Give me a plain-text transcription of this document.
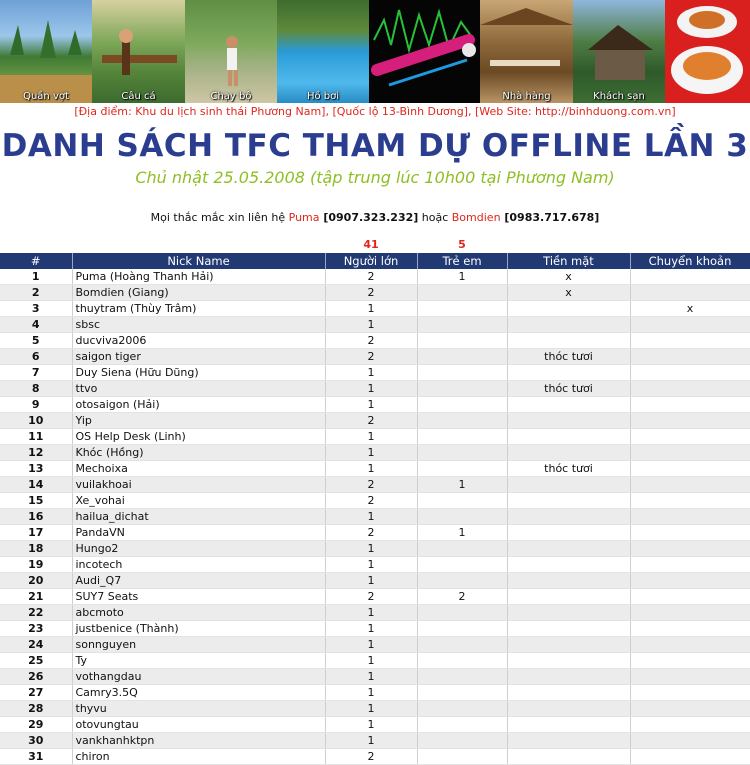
Quần vợt	Câu cá	Chạy bộ	Hồ bơi	Nhà hàng	Khách sạn
[Địa điểm: Khu du lịch sinh thái Phương Nam], [Quốc lộ 13-Bình Dương], [Web Site: http://binhduong.com.vn]
DANH SÁCH TFC THAM DỰ OFFLINE LẦN 3
Chủ nhật 25.05.2008 (tập trung lúc 10h00 tại Phương Nam)
Mọi thắc mắc xin liên hệ Puma [0907.323.232] hoặc Bomdien [0983.717.678]
41	5
#	Nick Name	Người lớn	Trẻ em	Tiền mặt	Chuyển khoản
1	Puma (Hoàng Thanh Hải)	2	1	x	
2	Bomdien (Giang)	2		x	
3	thuytram (Thùy Trâm)	1			x
4	sbsc	1			
5	ducviva2006	2			
6	saigon tiger	2		thóc tươi	
7	Duy Siena (Hữu Dũng)	1			
8	ttvo	1		thóc tươi	
9	otosaigon (Hải)	1			
10	Yip	2			
11	OS Help Desk (Linh)	1			
12	Khóc (Hồng)	1			
13	Mechoixa	1		thóc tươi	
14	vuilakhoai	2	1		
15	Xe_vohai	2			
16	hailua_dichat	1			
17	PandaVN	2	1		
18	Hungo2	1			
19	incotech	1			
20	Audi_Q7	1			
21	SUY7 Seats	2	2		
22	abcmoto	1			
23	justbenice (Thành)	1			
24	sonnguyen	1			
25	Ty	1			
26	vothangdau	1			
27	Camry3.5Q	1			
28	thyvu	1			
29	otovungtau	1			
30	vankhanhktpn	1			
31	chiron	2			
